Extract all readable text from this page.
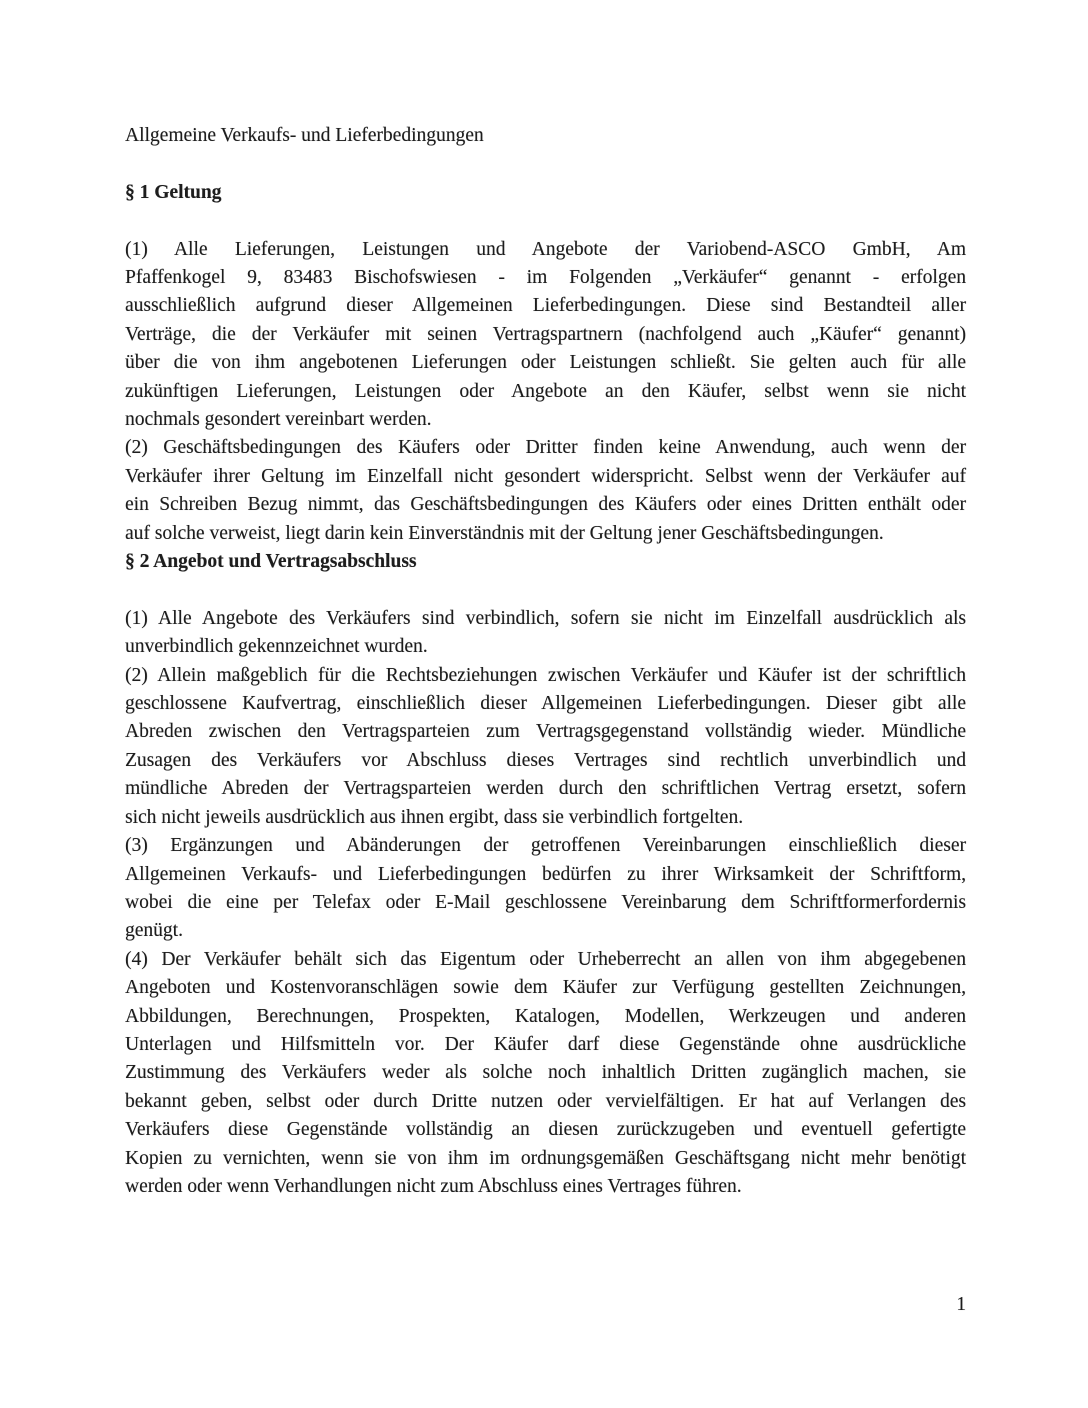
Allgemeine Verkaufs- und Lieferbedingungen
§ 1 Geltung
(1) Alle Lieferungen, Leistungen und Angebote der Variobend-ASCO GmbH, Am
Pfaffenkogel 9, 83483 Bischofswiesen - im Folgenden „Verkäufer“ genannt - erfolgen
ausschließlich aufgrund dieser Allgemeinen Lieferbedingungen. Diese sind Bestandteil aller
Verträge, die der Verkäufer mit seinen Vertragspartnern (nachfolgend auch „Käufer“ genannt)
über die von ihm angebotenen Lieferungen oder Leistungen schließt. Sie gelten auch für alle
zukünftigen Lieferungen, Leistungen oder Angebote an den Käufer, selbst wenn sie nicht
nochmals gesondert vereinbart werden.
(2) Geschäftsbedingungen des Käufers oder Dritter finden keine Anwendung, auch wenn der
Verkäufer ihrer Geltung im Einzelfall nicht gesondert widerspricht. Selbst wenn der Verkäufer auf
ein Schreiben Bezug nimmt, das Geschäftsbedingungen des Käufers oder eines Dritten enthält oder
auf solche verweist, liegt darin kein Einverständnis mit der Geltung jener Geschäftsbedingungen.
§ 2 Angebot und Vertragsabschluss
(1) Alle Angebote des Verkäufers sind verbindlich, sofern sie nicht im Einzelfall ausdrücklich als
unverbindlich gekennzeichnet wurden.
(2) Allein maßgeblich für die Rechtsbeziehungen zwischen Verkäufer und Käufer ist der schriftlich
geschlossene Kaufvertrag, einschließlich dieser Allgemeinen Lieferbedingungen. Dieser gibt alle
Abreden zwischen den Vertragsparteien zum Vertragsgegenstand vollständig wieder. Mündliche
Zusagen des Verkäufers vor Abschluss dieses Vertrages sind rechtlich unverbindlich und
mündliche Abreden der Vertragsparteien werden durch den schriftlichen Vertrag ersetzt, sofern
sich nicht jeweils ausdrücklich aus ihnen ergibt, dass sie verbindlich fortgelten.
(3) Ergänzungen und Abänderungen der getroffenen Vereinbarungen einschließlich dieser
Allgemeinen Verkaufs- und Lieferbedingungen bedürfen zu ihrer Wirksamkeit der Schriftform,
wobei die eine per Telefax oder E-Mail geschlossene Vereinbarung dem Schriftformerfordernis
genügt.
(4) Der Verkäufer behält sich das Eigentum oder Urheberrecht an allen von ihm abgegebenen
Angeboten und Kostenvoranschlägen sowie dem Käufer zur Verfügung gestellten Zeichnungen,
Abbildungen, Berechnungen, Prospekten, Katalogen, Modellen, Werkzeugen und anderen
Unterlagen und Hilfsmitteln vor. Der Käufer darf diese Gegenstände ohne ausdrückliche
Zustimmung des Verkäufers weder als solche noch inhaltlich Dritten zugänglich machen, sie
bekannt geben, selbst oder durch Dritte nutzen oder vervielfältigen. Er hat auf Verlangen des
Verkäufers diese Gegenstände vollständig an diesen zurückzugeben und eventuell gefertigte
Kopien zu vernichten, wenn sie von ihm im ordnungsgemäßen Geschäftsgang nicht mehr benötigt
werden oder wenn Verhandlungen nicht zum Abschluss eines Vertrages führen.
1
